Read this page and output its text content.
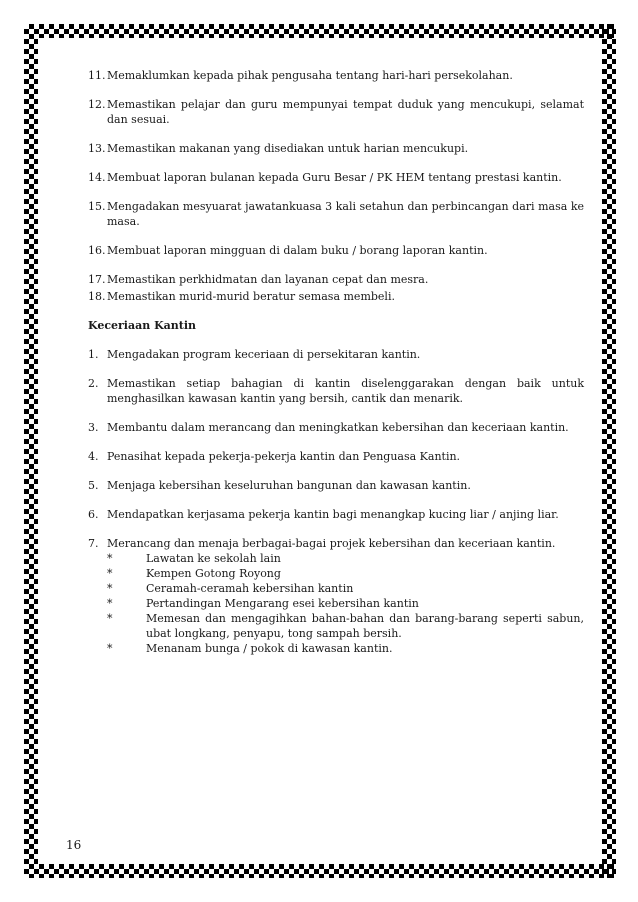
11. Memaklumkan kepada pihak pengusaha tentang hari-hari persekolahan.
12. Memastikan pelajar dan guru mempunyai tempat duduk yang mencukupi, selamat dan sesuai.
13. Memastikan makanan yang disediakan untuk harian mencukupi.
14. Membuat laporan bulanan kepada Guru Besar / PK HEM tentang prestasi kantin.
15. Mengadakan mesyuarat jawatankuasa 3 kali setahun dan perbincangan dari masa ke masa.
16. Membuat laporan mingguan di dalam buku / borang laporan kantin.
17. Memastikan perkhidmatan dan layanan cepat dan mesra.
18. Memastikan murid-murid beratur semasa membeli.
Keceriaan Kantin
1. Mengadakan program keceriaan di persekitaran kantin.
2. Memastikan setiap bahagian di kantin diselenggarakan dengan baik untuk menghasilkan kawasan kantin yang bersih, cantik dan menarik.
3. Membantu dalam merancang dan meningkatkan kebersihan dan keceriaan kantin.
4. Penasihat kepada pekerja-pekerja kantin dan Penguasa Kantin.
5. Menjaga kebersihan keseluruhan bangunan dan kawasan kantin.
6. Mendapatkan kerjasama pekerja kantin bagi menangkap kucing liar / anjing liar.
7. Merancang dan menaja berbagai-bagai projek kebersihan dan keceriaan kantin.
*	Lawatan ke sekolah lain
*	Kempen Gotong Royong
*	Ceramah-ceramah kebersihan kantin
*	Pertandingan Mengarang esei kebersihan kantin
*	Memesan dan mengagihkan bahan-bahan dan barang-barang seperti sabun, ubat longkang, penyapu, tong sampah bersih.
*	Menanam bunga / pokok di kawasan kantin.
16
